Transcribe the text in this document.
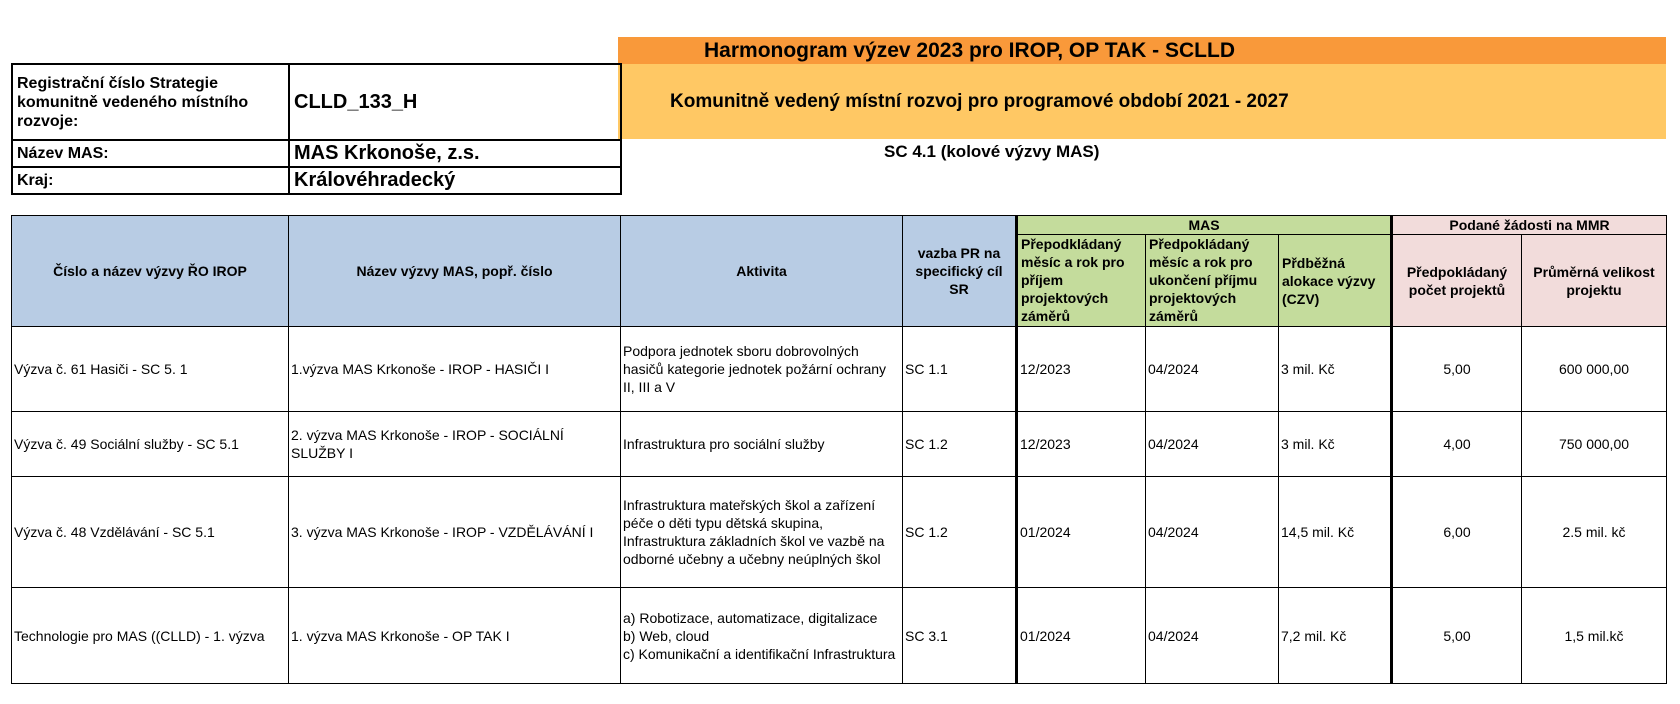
Harmonogram výzev 2023 pro IROP, OP TAK - SCLLD
Komunitně vedený místní rozvoj pro programové období 2021 - 2027
SC 4.1 (kolové výzvy MAS)
Registrační číslo Strategie komunitně vedeného místního rozvoje:	CLLD_133_H
Název MAS:	MAS Krkonoše, z.s.
Kraj:	Královéhradecký
Číslo a název výzvy ŘO IROP	Název výzvy MAS, popř. číslo	Aktivita	vazba PR na specifický cíl SR	MAS			Podané žádosti na MMR	
				Přepodkládaný měsíc a rok pro příjem projektových záměrů	Předpokládaný měsíc a rok pro ukončení příjmu projektových záměrů	Přdběžná alokace výzvy (CZV)	Předpokládaný počet projektů	Průměrná velikost projektu
Výzva č. 61 Hasiči - SC 5. 1	1.výzva MAS Krkonoše - IROP - HASIČI I	Podpora jednotek sboru dobrovolných hasičů kategorie jednotek požární ochrany II, III a V	SC 1.1	12/2023	04/2024	3 mil. Kč	5,00	600 000,00
Výzva č. 49 Sociální služby - SC 5.1	2. výzva MAS Krkonoše - IROP - SOCIÁLNÍ SLUŽBY I	Infrastruktura pro sociální služby	SC 1.2	12/2023	04/2024	3 mil. Kč	4,00	750 000,00
Výzva č. 48 Vzdělávání - SC 5.1	3. výzva MAS Krkonoše - IROP - VZDĚLÁVÁNÍ I	Infrastruktura mateřských škol a zařízení péče o děti typu dětská skupina, Infrastruktura základních škol ve vazbě na odborné učebny a učebny neúplných škol	SC 1.2	01/2024	04/2024	14,5 mil. Kč	6,00	2.5 mil. kč
Technologie pro MAS ((CLLD) - 1. výzva	1. výzva MAS Krkonoše - OP TAK I	a) Robotizace, automatizace, digitalizace
b) Web, cloud
c) Komunikační a identifikační Infrastruktura	SC 3.1	01/2024	04/2024	7,2 mil. Kč	5,00	1,5 mil.kč
